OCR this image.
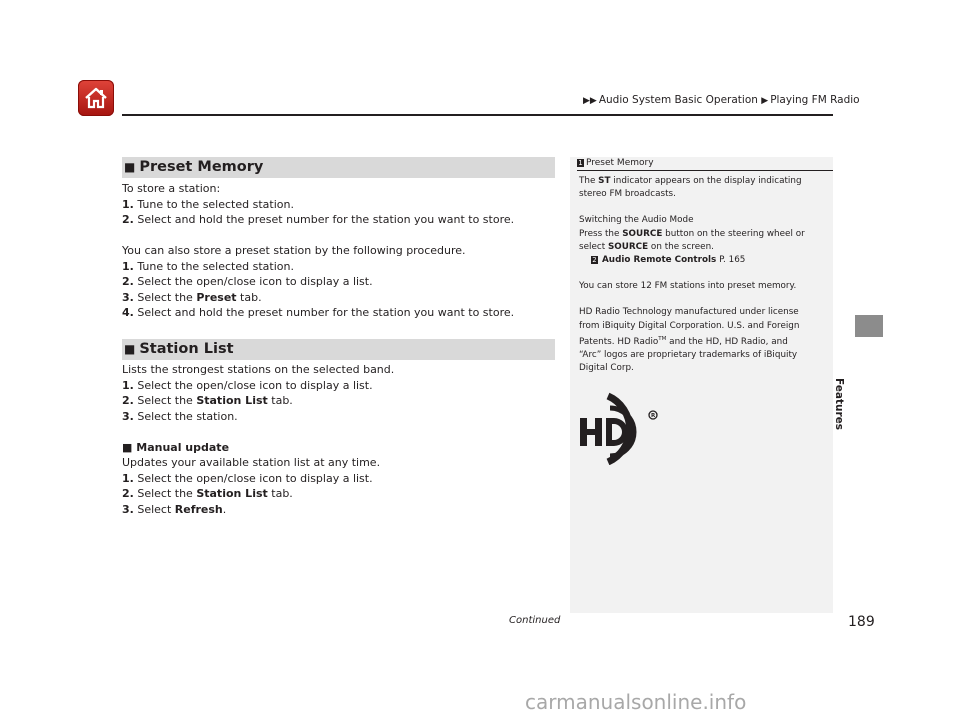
▶▶ Audio System Basic Operation ▶ Playing FM Radio
Features
■ Preset Memory

To store a station:

1. Tune to the selected station.

2. Select and hold the preset number for the station you want to store.

You can also store a preset station by the following procedure.

1. Tune to the selected station.

2. Select the open/close icon to display a list.

3. Select the Preset tab.

4. Select and hold the preset number for the station you want to store.

■ Station List

Lists the strongest stations on the selected band.

1. Select the open/close icon to display a list.

2. Select the Station List tab.

3. Select the station.

■ Manual update

Updates your available station list at any time.

1. Select the open/close icon to display a list.

2. Select the Station List tab.

3. Select Refresh.

1 Preset Memory

The ST indicator appears on the display indicating

stereo FM broadcasts.

Switching the Audio Mode

Press the SOURCE button on the steering wheel or

select SOURCE on the screen.

2 Audio Remote Controls P. 165

You can store 12 FM stations into preset memory.

HD Radio Technology manufactured under license

from iBiquity Digital Corporation. U.S. and Foreign

Patents. HD Radio™ and the HD, HD Radio, and

“Arc” logos are proprietary trademarks of iBiquity

Digital Corp.

R
Continued	189
carmanualsonline.info
